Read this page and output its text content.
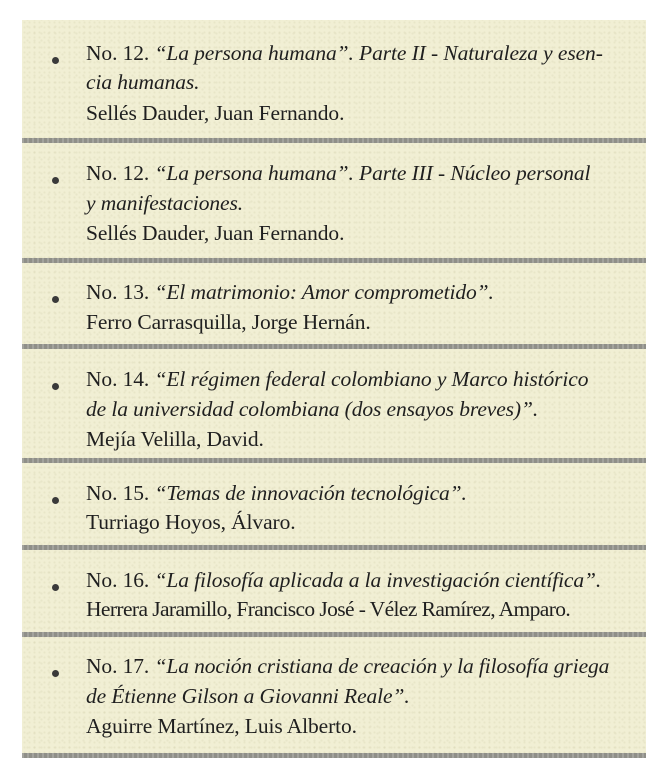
No. 12. “La persona humana”. Parte II - Naturaleza y esen-
cia humanas.
Sellés Dauder, Juan Fernando.
No. 12. “La persona humana”. Parte III - Núcleo personal
y manifestaciones.
Sellés Dauder, Juan Fernando.
No. 13. “El matrimonio: Amor comprometido”.
Ferro Carrasquilla, Jorge Hernán.
No. 14. “El régimen federal colombiano y Marco histórico
de la universidad colombiana (dos ensayos breves)”.
Mejía Velilla, David.
No. 15. “Temas de innovación tecnológica”.
Turriago Hoyos, Álvaro.
No. 16. “La filosofía aplicada a la investigación científica”.
Herrera Jaramillo, Francisco José - Vélez Ramírez, Amparo.
No. 17. “La noción cristiana de creación y la filosofía griega
de Étienne Gilson a Giovanni Reale”.
Aguirre Martínez, Luis Alberto.
